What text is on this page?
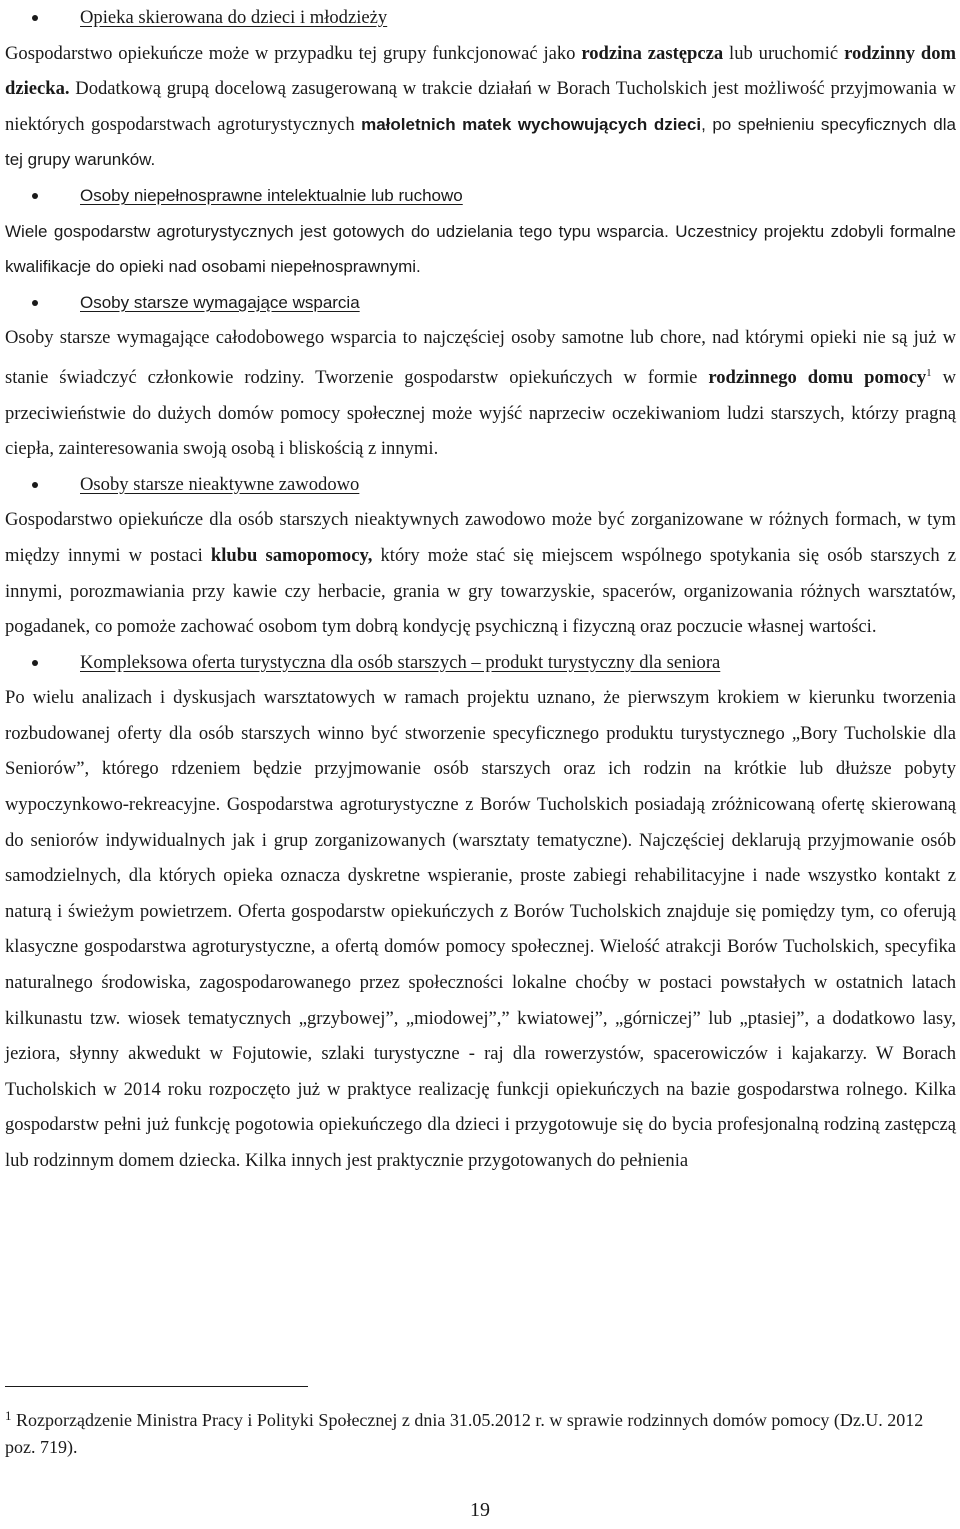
Opieka skierowana do dzieci i młodzieży

Gospodarstwo opiekuńcze może w przypadku tej grupy funkcjonować jako rodzina zastępcza lub uruchomić rodzinny dom dziecka. Dodatkową grupą docelową zasugerowaną w trakcie działań w Borach Tucholskich jest możliwość przyjmowania w niektórych gospodarstwach agroturystycznych małoletnich matek wychowujących dzieci, po spełnieniu specyficznych dla tej grupy warunków.

Osoby niepełnosprawne intelektualnie lub ruchowo

Wiele gospodarstw agroturystycznych jest gotowych do udzielania tego typu wsparcia. Uczestnicy projektu zdobyli formalne kwalifikacje do opieki nad osobami niepełnosprawnymi.

Osoby starsze wymagające wsparcia

Osoby starsze wymagające całodobowego wsparcia to najczęściej osoby samotne lub chore, nad którymi opieki nie są już w stanie świadczyć członkowie rodziny. Tworzenie gospodarstw opiekuńczych w formie rodzinnego domu pomocy$^1$ w przeciwieństwie do dużych domów pomocy społecznej może wyjść naprzeciw oczekiwaniom ludzi starszych, którzy pragną ciepła, zainteresowania swoją osobą i bliskością z innymi.

Osoby starsze nieaktywne zawodowo

Gospodarstwo opiekuńcze dla osób starszych nieaktywnych zawodowo może być zorganizowane w różnych formach, w tym między innymi w postaci klubu samopomocy, który może stać się miejscem wspólnego spotykania się osób starszych z innymi, porozmawiania przy kawie czy herbacie, grania w gry towarzyskie, spacerów, organizowania różnych warsztatów, pogadanek, co pomoże zachować osobom tym dobrą kondycję psychiczną i fizyczną oraz poczucie własnej wartości.

Kompleksowa oferta turystyczna dla osób starszych – produkt turystyczny dla seniora

Po wielu analizach i dyskusjach warsztatowych w ramach projektu uznano, że pierwszym krokiem w kierunku tworzenia rozbudowanej oferty dla osób starszych winno być stworzenie specyficznego produktu turystycznego „Bory Tucholskie dla Seniorów”, którego rdzeniem będzie przyjmowanie osób starszych oraz ich rodzin na krótkie lub dłuższe pobyty wypoczynkowo-rekreacyjne. Gospodarstwa agroturystyczne z Borów Tucholskich posiadają zróżnicowaną ofertę skierowaną do seniorów indywidualnych jak i grup zorganizowanych (warsztaty tematyczne). Najczęściej deklarują przyjmowanie osób samodzielnych, dla których opieka oznacza dyskretne wspieranie, proste zabiegi rehabilitacyjne i nade wszystko kontakt z naturą i świeżym powietrzem. Oferta gospodarstw opiekuńczych z Borów Tucholskich znajduje się pomiędzy tym, co oferują klasyczne gospodarstwa agroturystyczne, a ofertą domów pomocy społecznej. Wielość atrakcji Borów Tucholskich, specyfika naturalnego środowiska, zagospodarowanego przez społeczności lokalne choćby w postaci powstałych w ostatnich latach kilkunastu tzw. wiosek tematycznych „grzybowej”, „miodowej”,” kwiatowej”, „górniczej” lub „ptasiej”, a dodatkowo lasy, jeziora, słynny akwedukt w Fojutowie, szlaki turystyczne - raj dla rowerzystów, spacerowiczów i kajakarzy. W Borach Tucholskich w 2014 roku rozpoczęto już w praktyce realizację funkcji opiekuńczych na bazie gospodarstwa rolnego. Kilka gospodarstw pełni już funkcję pogotowia opiekuńczego dla dzieci i przygotowuje się do bycia profesjonalną rodziną zastępczą lub rodzinnym domem dziecka. Kilka innych jest praktycznie przygotowanych do pełnienia

$^1$ Rozporządzenie Ministra Pracy i Polityki Społecznej z dnia 31.05.2012 r. w sprawie rodzinnych domów pomocy (Dz.U. 2012 poz. 719).
19
